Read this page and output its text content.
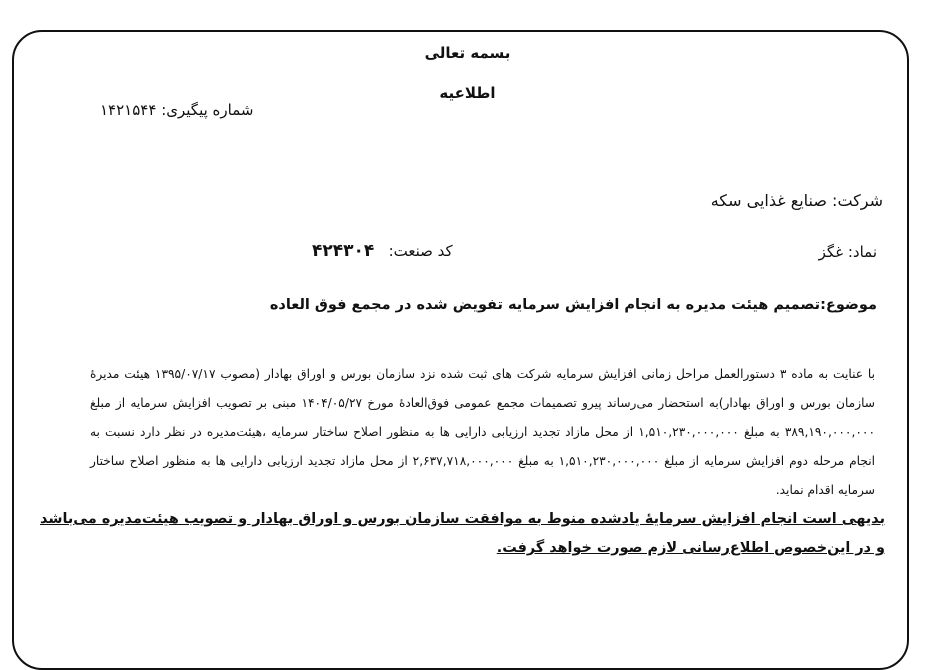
بسمه تعالی
اطلاعیه
شماره پیگیری: ۱۴۲۱۵۴۴
شرکت: صنایع غذایی سکه
نماد: غگز
کد صنعت:   ۴۲۴۳۰۴
موضوع:تصمیم هیئت مدیره به انجام افزایش سرمایه تفویض شده در مجمع فوق العاده
با عنایت به ماده ۳ دستورالعمل مراحل زمانی افزایش سرمایه شرکت های ثبت شده نزد سازمان بورس و اوراق بهادار (مصوب ۱۳۹۵/۰۷/۱۷ هیئت مدیرهٔ سازمان بورس و اوراق بهادار)به استحضار می‌رساند پیرو تصمیمات مجمع عمومی فوق‌العادهٔ مورخ ۱۴۰۴/۰۵/۲۷ مبنی بر تصویب افزایش سرمایه از مبلغ ۳۸۹,۱۹۰,۰۰۰,۰۰۰ به مبلغ ۱,۵۱۰,۲۳۰,۰۰۰,۰۰۰ از محل مازاد تجدید ارزیابی دارایی ها به منظور اصلاح ساختار سرمایه ،هیئت‌مدیره در نظر دارد نسبت به انجام مرحله دوم افزایش سرمایه از مبلغ ۱,۵۱۰,۲۳۰,۰۰۰,۰۰۰ به مبلغ ۲,۶۳۷,۷۱۸,۰۰۰,۰۰۰ از محل مازاد تجدید ارزیابی دارایی ها به منظور اصلاح ساختار سرمایه اقدام نماید.
بدیهی است انجام افزایش سرمایهٔ یادشده منوط به موافقت سازمان بورس و اوراق بهادار و تصویب هیئت‌مدیره می‌باشد و در این‌خصوص اطلاع‌رسانی لازم صورت خواهد گرفت.
